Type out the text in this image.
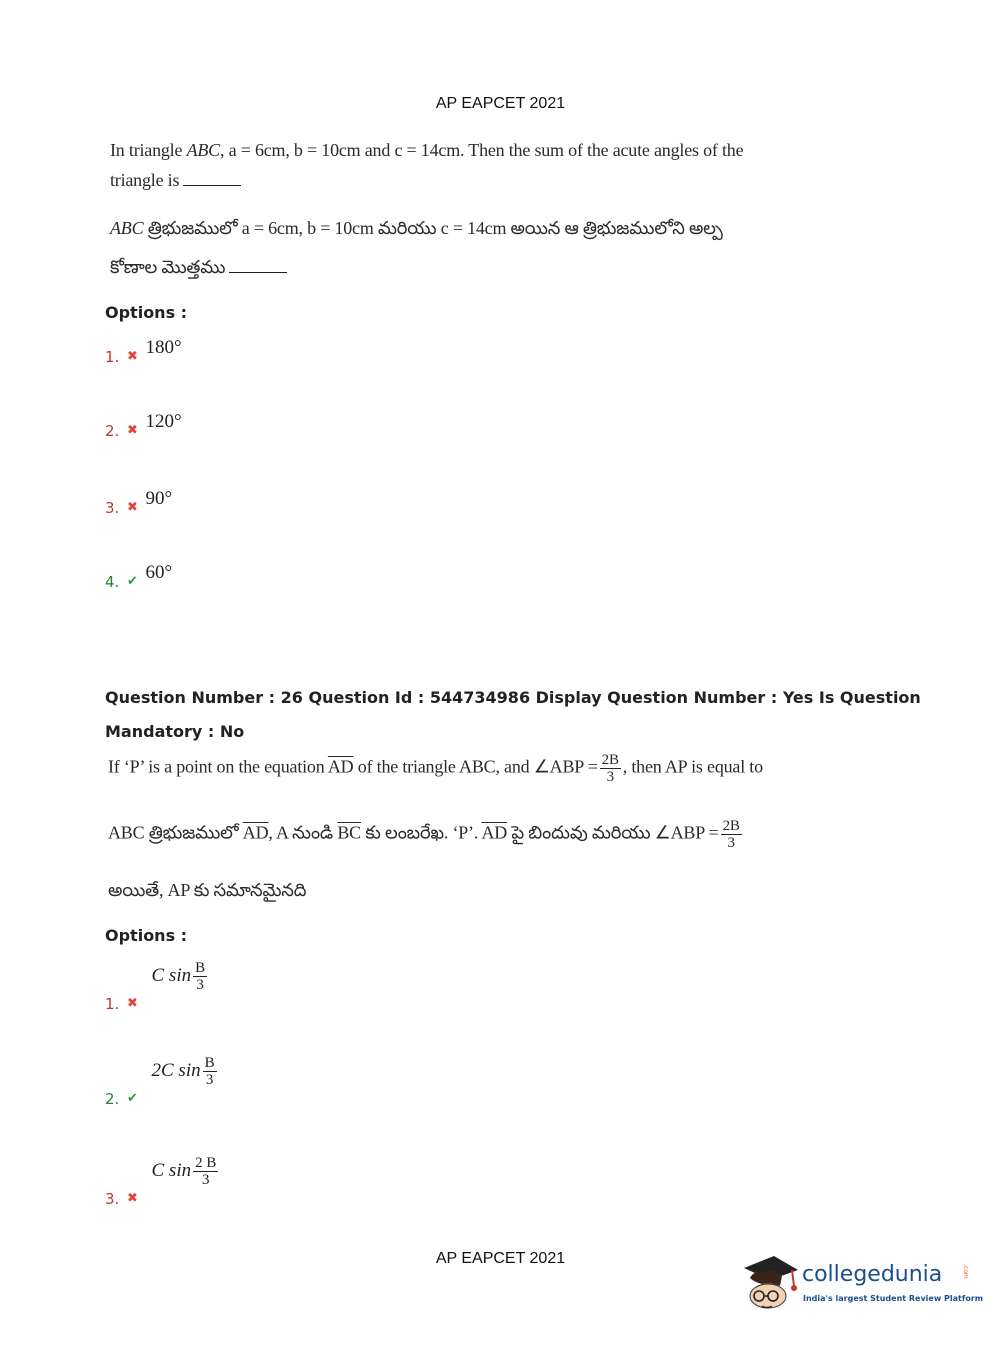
AP EAPCET 2021
In triangle ABC, a = 6cm, b = 10cm and c = 14cm. Then the sum of the acute angles of the
triangle is
ABC త్రిభుజములో a = 6cm, b = 10cm మరియు c = 14cm అయిన ఆ త్రిభుజములోని అల్ప
కోణాల మొత్తము
Options :
1. ✖ 180°
2. ✖ 120°
3. ✖ 90°
4. ✔ 60°
Question Number : 26 Question Id : 544734986 Display Question Number : Yes Is Question
Mandatory : No
If ‘P’ is a point on the equation $\overline{AD}$ of the triangle ABC, and ∠ABP = $\frac{2B}{3}$ , then AP is equal to
ABC త్రిభుజములో $\overline{AD}$, A నుండి $\overline{BC}$ కు లంబరేఖ. ‘P’. $\overline{AD}$ పై బిందువు మరియు ∠ABP = $\frac{2B}{3}$
అయితే, AP కు సమానమైనది
Options :
1. ✖ C $\sin \frac{B}{3}$
2. ✔ 2C $\sin \frac{B}{3}$
3. ✖ C $\sin \frac{2 B}{3}$
AP EAPCET 2021
collegedunia	.com
India's largest Student Review Platform
